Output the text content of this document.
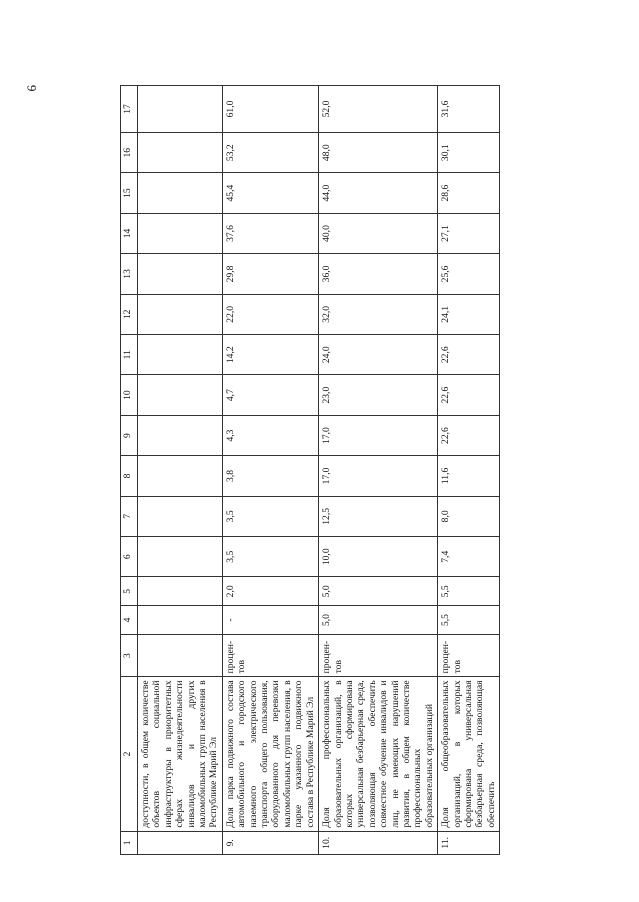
6
1	2	3	4	5	6	7	8	9	10	11	12	13	14	15	16	17
	доступности, в общем количестве объектов социальной инфраструктуры в приоритетных сферах жизнедеятельности инвалидов и других маломобильных групп населения в Республике Марий Эл															
9.	Доля парка подвижного состава автомобильного и городского наземного электрического транспорта общего пользования, оборудованного для перевозки маломобильных групп населения, в парке указанного подвижного состава в Республике Марий Эл	процен-тов	-	2,0	3,5	3,5	3,8	4,3	4,7	14,2	22,0	29,8	37,6	45,4	53,2	61,0
10.	Доля профессиональных образовательных организаций, в которых сформирована универсальная безбарьерная среда, позволяющая обеспечить совместное обучение инвалидов и лиц, не имеющих нарушений развития, в общем количестве профессиональных образовательных организаций	процен-тов	5,0	5,0	10,0	12,5	17,0	17,0	23,0	24,0	32,0	36,0	40,0	44,0	48,0	52,0
11.	Доля общеобразовательных организаций, в которых сформирована универсальная безбарьерная среда, позволяющая обеспечить	процен-тов	5,5	5,5	7,4	8,0	11,6	22,6	22,6	22,6	24,1	25,6	27,1	28,6	30,1	31,6
